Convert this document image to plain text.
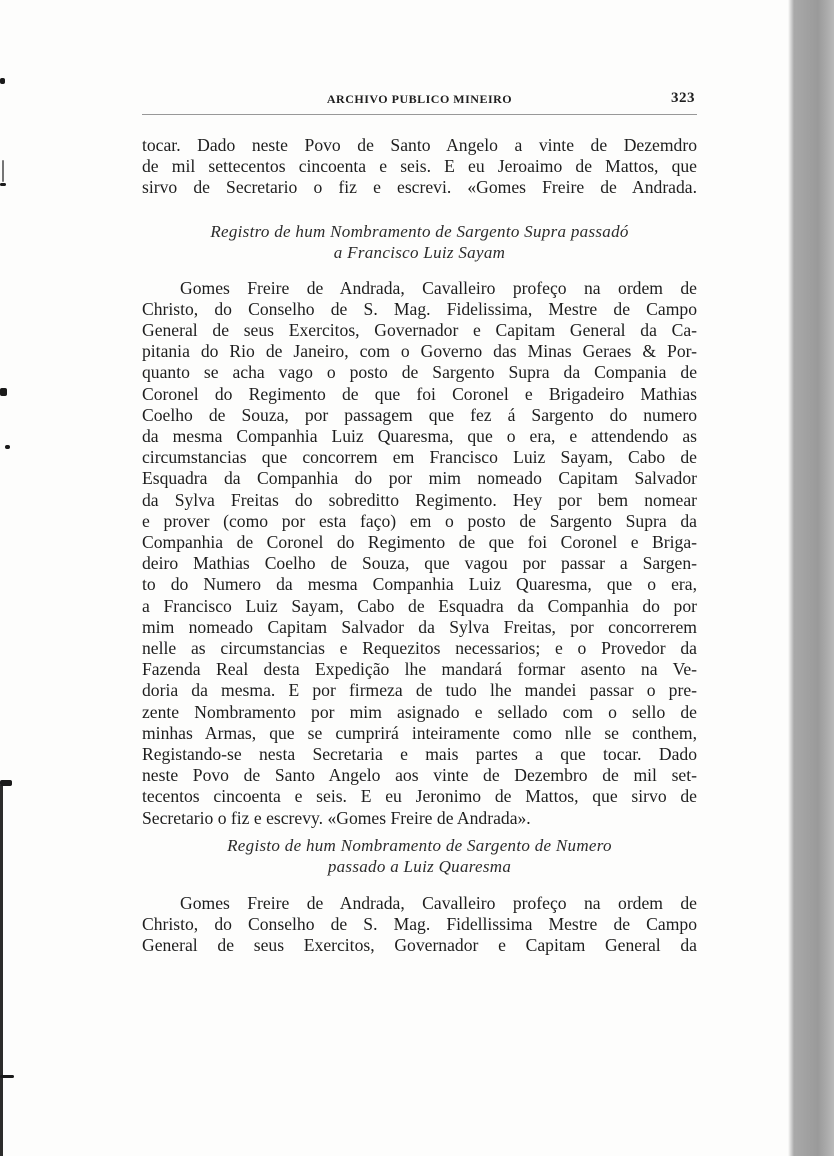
ARCHIVO PUBLICO MINEIRO	323

tocar. Dado neste Povo de Santo Angelo a vinte de Dezemdro
de mil settecentos cincoenta e seis. E eu Jeroaimo de Mattos, que
sirvo de Secretario o fiz e escrevi. «Gomes Freire de Andrada.

Registro de hum Nombramento de Sargento Supra passadó
a Francisco Luiz Sayam

Gomes Freire de Andrada, Cavalleiro profeço na ordem de
Christo, do Conselho de S. Mag. Fidelissima, Mestre de Campo
General de seus Exercitos, Governador e Capitam General da Ca-
pitania do Rio de Janeiro, com o Governo das Minas Geraes & Por-
quanto se acha vago o posto de Sargento Supra da Compania de
Coronel do Regimento de que foi Coronel e Brigadeiro Mathias
Coelho de Souza, por passagem que fez á Sargento do numero
da mesma Companhia Luiz Quaresma, que o era, e attendendo as
circumstancias que concorrem em Francisco Luiz Sayam, Cabo de
Esquadra da Companhia do por mim nomeado Capitam Salvador
da Sylva Freitas do sobreditto Regimento. Hey por bem nomear
e prover (como por esta faço) em o posto de Sargento Supra da
Companhia de Coronel do Regimento de que foi Coronel e Briga-
deiro Mathias Coelho de Souza, que vagou por passar a Sargen-
to do Numero da mesma Companhia Luiz Quaresma, que o era,
a Francisco Luiz Sayam, Cabo de Esquadra da Companhia do por
mim nomeado Capitam Salvador da Sylva Freitas, por concorrerem
nelle as circumstancias e Requezitos necessarios; e o Provedor da
Fazenda Real desta Expedição lhe mandará formar asento na Ve-
doria da mesma. E por firmeza de tudo lhe mandei passar o pre-
zente Nombramento por mim asignado e sellado com o sello de
minhas Armas, que se cumprirá inteiramente como nlle se conthem,
Registando-se nesta Secretaria e mais partes a que tocar. Dado
neste Povo de Santo Angelo aos vinte de Dezembro de mil set-
tecentos cincoenta e seis. E eu Jeronimo de Mattos, que sirvo de
Secretario o fiz e escrevy. «Gomes Freire de Andrada».

Registo de hum Nombramento de Sargento de Numero
passado a Luiz Quaresma

Gomes Freire de Andrada, Cavalleiro profeço na ordem de
Christo, do Conselho de S. Mag. Fidellissima Mestre de Campo
General de seus Exercitos, Governador e Capitam General da
